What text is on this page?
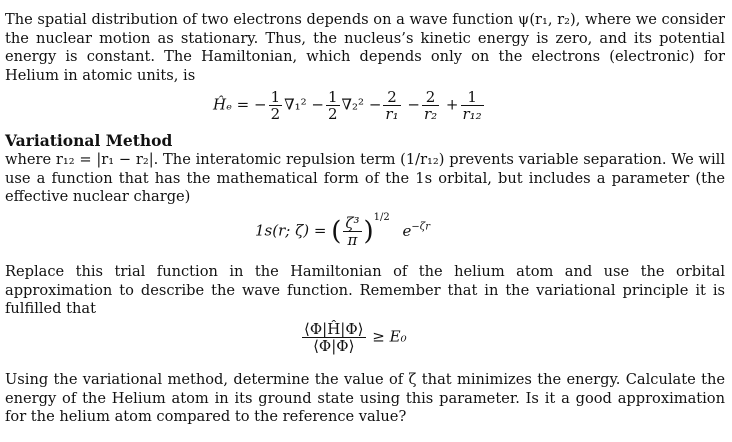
The spatial distribution of two electrons depends on a wave function ψ(r₁, r₂), where we consider the nuclear motion as stationary. Thus, the nucleus’s kinetic energy is zero, and its potential energy is constant. The Hamiltonian, which depends only on the electrons (electronic) for Helium in atomic units, is
Ĥₑ = − $\frac{1}{2} \nabla_1^2 - \frac{1}{2} \nabla_2^2 - \frac{2}{\text{r₁}} - \frac{2}{\text{r₂}} + \frac{1}{\text{r₁₂}}$
Variational Method
where r₁₂ = |r₁ − r₂|. The interatomic repulsion term (1/r₁₂) prevents variable separation. We will use a function that has the mathematical form of the 1s orbital, but includes a parameter (the effective nuclear charge)
1s(r; ζ) = ( $\frac{\text{ζ³}}{\pi} )^{1/2}$ $e^{-\zeta r}$
Replace this trial function in the Hamiltonian of the helium atom and use the orbital approximation to describe the wave function. Remember that in the variational principle it is fulfilled that
$\frac{⟨\Phi|Ĥ|\Phi⟩}{⟨\Phi|\Phi⟩} \ge E_0$
Using the variational method, determine the value of ζ that minimizes the energy. Calculate the energy of the Helium atom in its ground state using this parameter. Is it a good approximation for the helium atom compared to the reference value?
